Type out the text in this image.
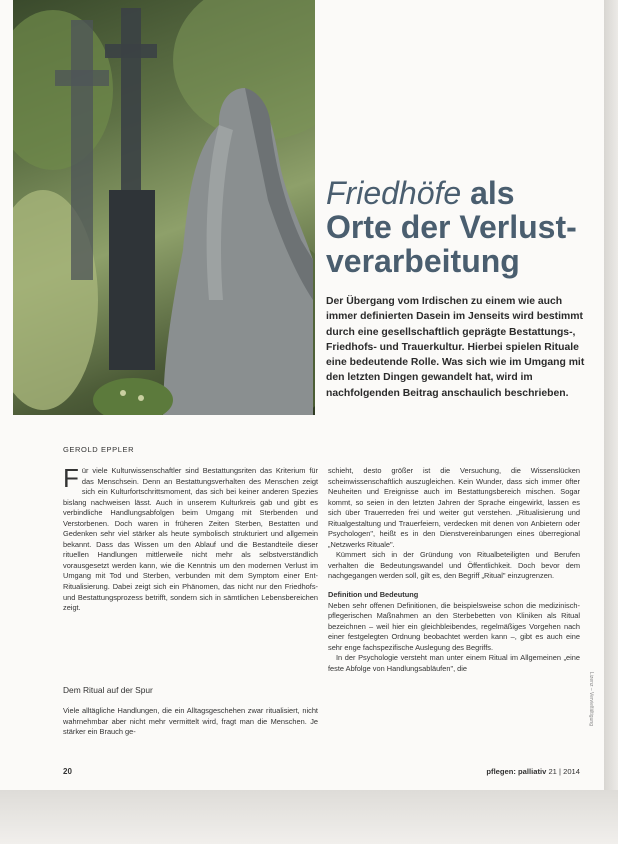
Friedhöfe als
Orte der Verlust-
verarbeitung
Der Übergang vom Irdischen zu einem wie auch immer definierten Dasein im Jenseits wird bestimmt durch eine gesellschaftlich geprägte Bestattungs-, Friedhofs- und Trauerkultur. Hierbei spielen Rituale eine bedeutende Rolle. Was sich wie im Umgang mit den letzten Dingen gewandelt hat, wird im nachfolgenden Beitrag anschaulich beschrieben.
GEROLD EPPLER

Für viele Kulturwissenschaftler sind Bestattungsriten das Kriterium für das Menschsein. Denn an Bestattungsverhalten des Menschen zeigt sich ein Kulturfortschrittsmoment, das sich bei keiner anderen Spezies bislang nachweisen lässt. Auch in unserem Kulturkreis gab und gibt es verbindliche Handlungsabfolgen beim Umgang mit Sterbenden und Verstorbenen. Doch waren in früheren Zeiten Sterben, Bestatten und Gedenken sehr viel stärker als heute symbolisch strukturiert und allgemein bekannt. Dass das Wissen um den Ablauf und die Bestandteile dieser rituellen Handlungen mittlerweile nicht mehr als selbstverständlich vorausgesetzt werden kann, wie die Kenntnis um den modernen Verlust im Umgang mit Tod und Sterben, verbunden mit dem Symptom einer Ent-Ritualisierung. Dabei zeigt sich ein Phänomen, das nicht nur den Friedhofs- und Bestattungsprozess betrifft, sondern sich in sämtlichen Lebensbereichen zeigt.

Dem Ritual auf der Spur

Viele alltägliche Handlungen, die ein Alltagsgeschehen zwar ritualisiert, nicht wahrnehmbar aber nicht mehr vermittelt wird, fragt man die Menschen. Je stärker ein Brauch ge-

schieht, desto größer ist die Versuchung, die Wissenslücken scheinwissenschaftlich auszugleichen. Kein Wunder, dass sich immer öfter Neuheiten und Ereignisse auch im Bestattungsbereich mischen. Sogar kommt, so seien in den letzten Jahren der Sprache eingewirkt, lassen es sich über Trauerreden frei und weiter gut verstehen. „Ritualisierung und Ritualgestaltung und Trauerfeiern, verdecken mit denen von Anbietern oder Psychologen", heißt es in den Dienstvereinbarungen eines überregional „Netzwerks Rituale".

Kümmert sich in der Gründung von Ritualbeteiligten und Berufen verhalten die Bedeutungswandel und Öffentlichkeit. Doch bevor dem nachgegangen werden soll, gilt es, den Begriff „Ritual" einzugrenzen.

Definition und Bedeutung

Neben sehr offenen Definitionen, die beispielsweise schon die medizinisch-pflegerischen Maßnahmen an den Sterbebetten von Kliniken als Ritual bezeichnen – weil hier ein gleichbleibendes, regelmäßiges Vorgehen nach einer festgelegten Ordnung beobachtet werden kann –, gibt es auch eine sehr enge fachspezifische Auslegung des Begriffs.

In der Psychologie versteht man unter einem Ritual im Allgemeinen „eine feste Abfolge von Handlungsabläufen", die

20	pflegen: palliativ 21 | 2014
Lizenz – Vervielfältigung
